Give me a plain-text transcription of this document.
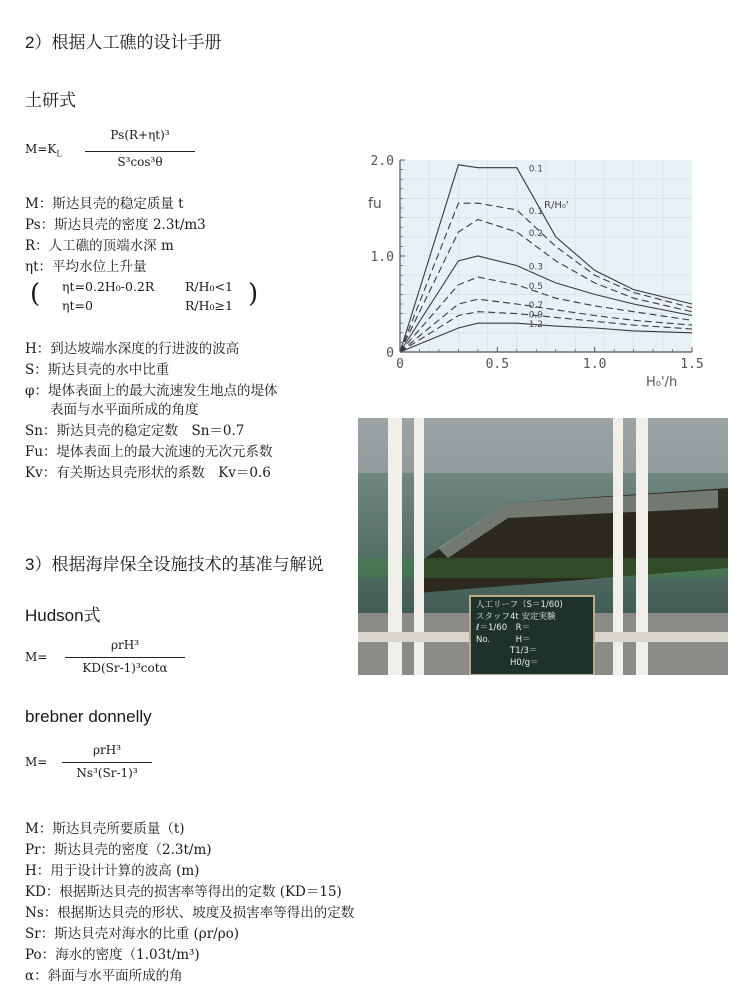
2）根据人工礁的设计手册
土研式
$M=K_L$
Ps(R+ηt)³
S³cos³θ
M：斯达貝壳的稳定质量 t
Ps：斯达貝壳的密度 2.3t/m3
R：人工礁的顶端水深 m
ηt：平均水位上升量
( ηt=0.2H₀-0.2R R/H₀<1
ηt=0	R/H₀≥1 )
H：到达坡端水深度的行进波的波高
S：斯达貝壳的水中比重
φ：堤体表面上的最大流速发生地点的堤体
表面与水平面所成的角度
Sn：斯达貝壳的稳定定数　Sn＝0.7
Fu：堤体表面上的最大流速的无次元系数
Kv：有关斯达貝壳形状的系数　Kv＝0.6
3）根据海岸保全设施技术的基准与解说
Hudson式
M=
ρrH³
KD(Sr-1)³cotα
brebner donnelly
M=
ρrH³
Ns³(Sr-1)³
M：斯达貝壳所要质量（t)
Pr：斯达貝壳的密度（2.3t/m)
H：用于设计计算的波高 (m)
KD：根据斯达貝壳的损害率等得出的定数 (KD＝15)
Ns：根据斯达貝壳的形状、坡度及损害率等得出的定数
Sr：斯达貝壳对海水的比重 (ρr/ρo)
Po：海水的密度（1.03t/m³)
α：斜面与水平面所成的角
0	0.5	1.0	1.5
0
1.0
2.0
H₀'/h
fu	R/H₀'
0.1
0.1
0.2
0.3
0.5
0.7
0.9
1.2
人工リーフ（S＝1/60)
スタッフ4t 安定実験
ℓ＝1/60　R＝
No.　　　H＝
　　　　T1/3＝
　　　　H0/g＝
